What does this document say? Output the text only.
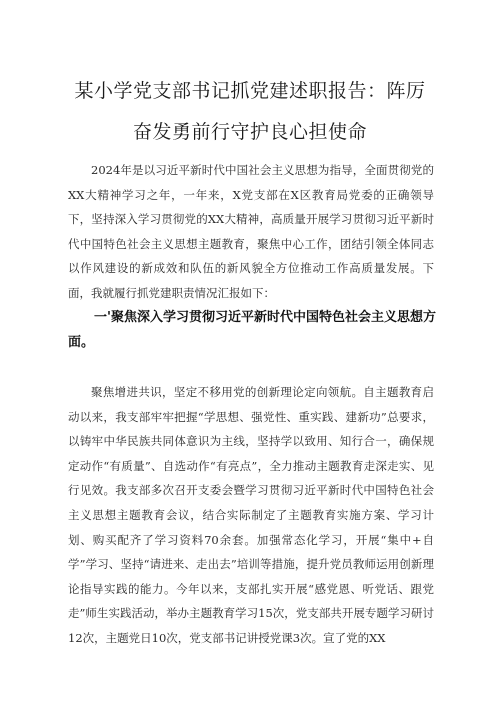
某小学党支部书记抓党建述职报告：阵厉
奋发勇前行守护良心担使命

2024年是以习近平新时代中国社会主义思想为指导，全面贯彻党的XX大精神学习之年，一年来，X党支部在X区教育局党委的正确领导下，坚持深入学习贯彻党的XX大精神，高质量开展学习贯彻习近平新时代中国特色社会主义思想主题教育，聚焦中心工作，团结引领全体同志以作风建设的新成效和队伍的新风貌全方位推动工作高质量发展。下面，我就履行抓党建职责情况汇报如下：

一'聚焦深入学习贯彻习近平新时代中国特色社会主义思想方面。

聚焦增进共识，坚定不移用党的创新理论定向领航。自主题教育启动以来，我支部牢牢把握“学思想、强党性、重实践、建新功”总要求，以铸牢中华民族共同体意识为主线，坚持学以致用、知行合一，确保规定动作“有质量”、自选动作“有亮点”，全力推动主题教育走深走实、见行见效。我支部多次召开支委会暨学习贯彻习近平新时代中国特色社会主义思想主题教育会议，结合实际制定了主题教育实施方案、学习计划、购买配齐了学习资料70余套。加强常态化学习，开展“集中+自学”学习、坚持“请进来、走出去”培训等措施，提升党员教师运用创新理论指导实践的能力。今年以来，支部扎实开展“感党恩、听党话、跟党走”师生实践活动，举办主题教育学习15次，党支部共开展专题学习研讨12次，主题党日10次，党支部书记讲授党课3次。宣了党的XX
